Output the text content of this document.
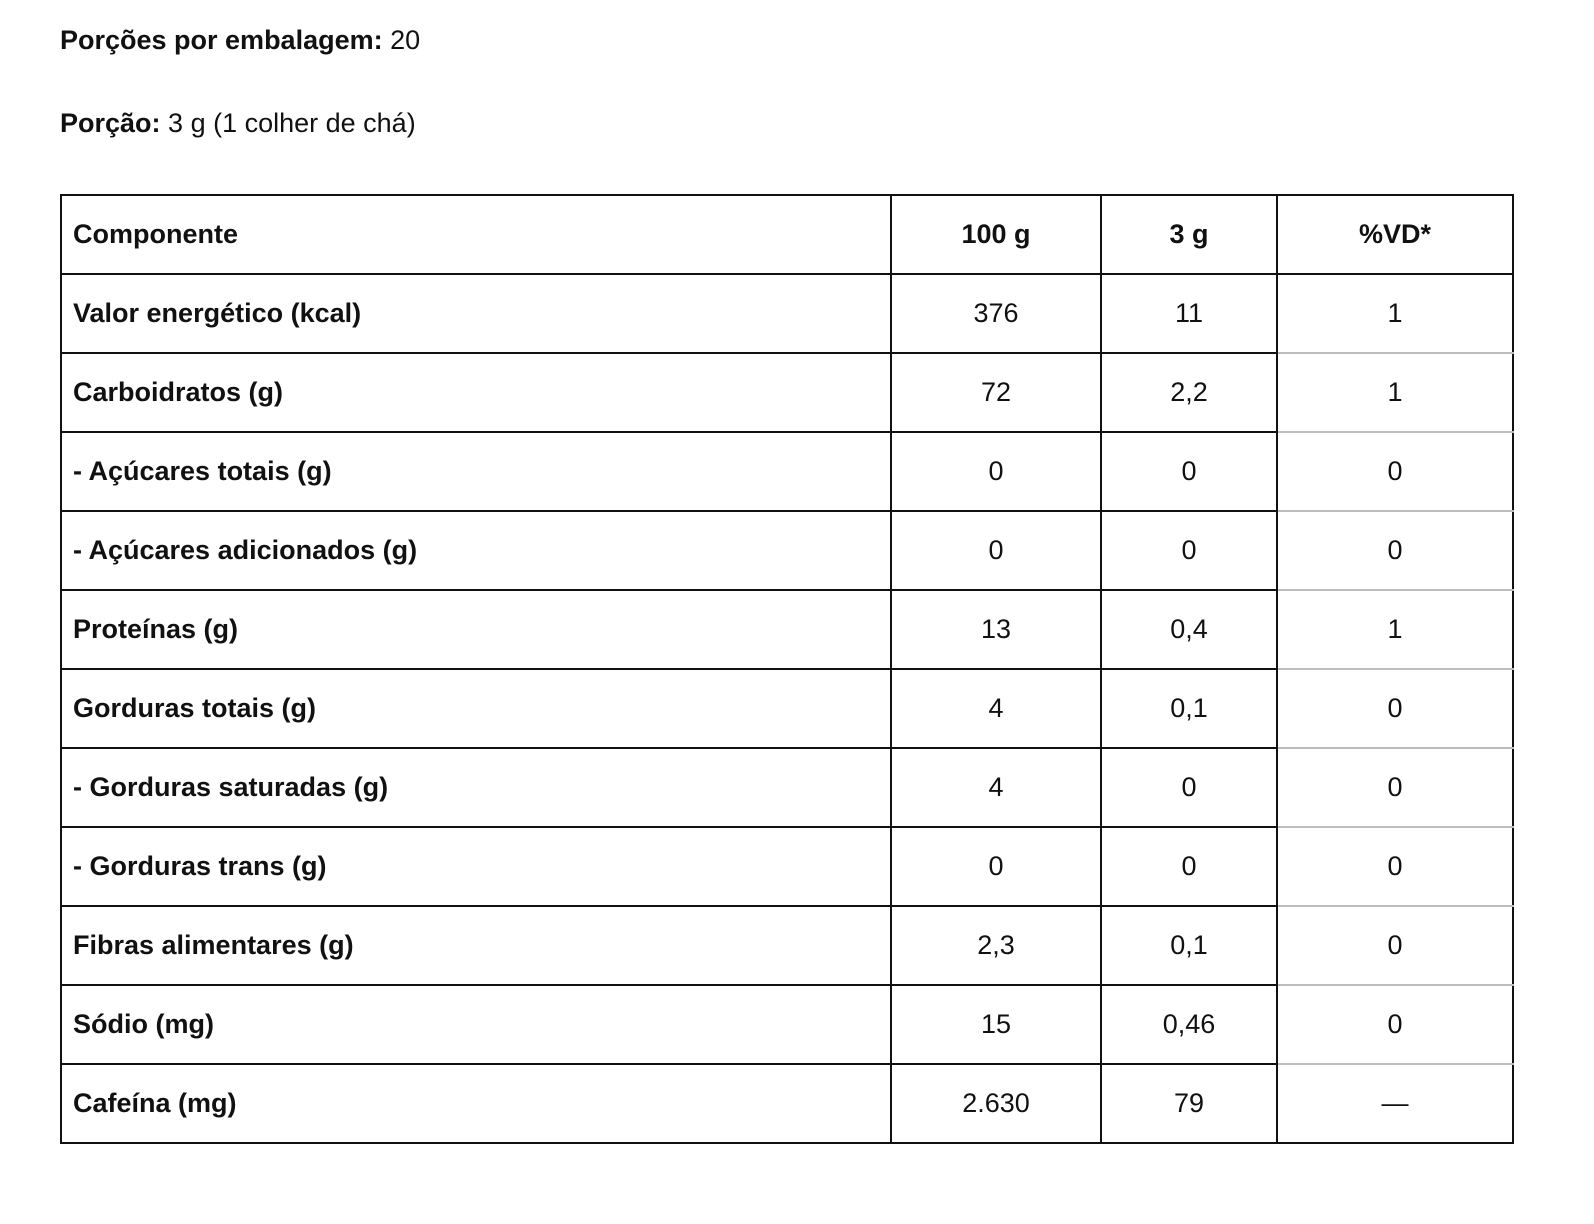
Porções por embalagem: 20
Porção: 3 g (1 colher de chá)
Componente	100 g	3 g	%VD*
Valor energético (kcal)	376	11	1
Carboidratos (g)	72	2,2	1
- Açúcares totais (g)	0	0	0
- Açúcares adicionados (g)	0	0	0
Proteínas (g)	13	0,4	1
Gorduras totais (g)	4	0,1	0
- Gorduras saturadas (g)	4	0	0
- Gorduras trans (g)	0	0	0
Fibras alimentares (g)	2,3	0,1	0
Sódio (mg)	15	0,46	0
Cafeína (mg)	2.630	79	—
